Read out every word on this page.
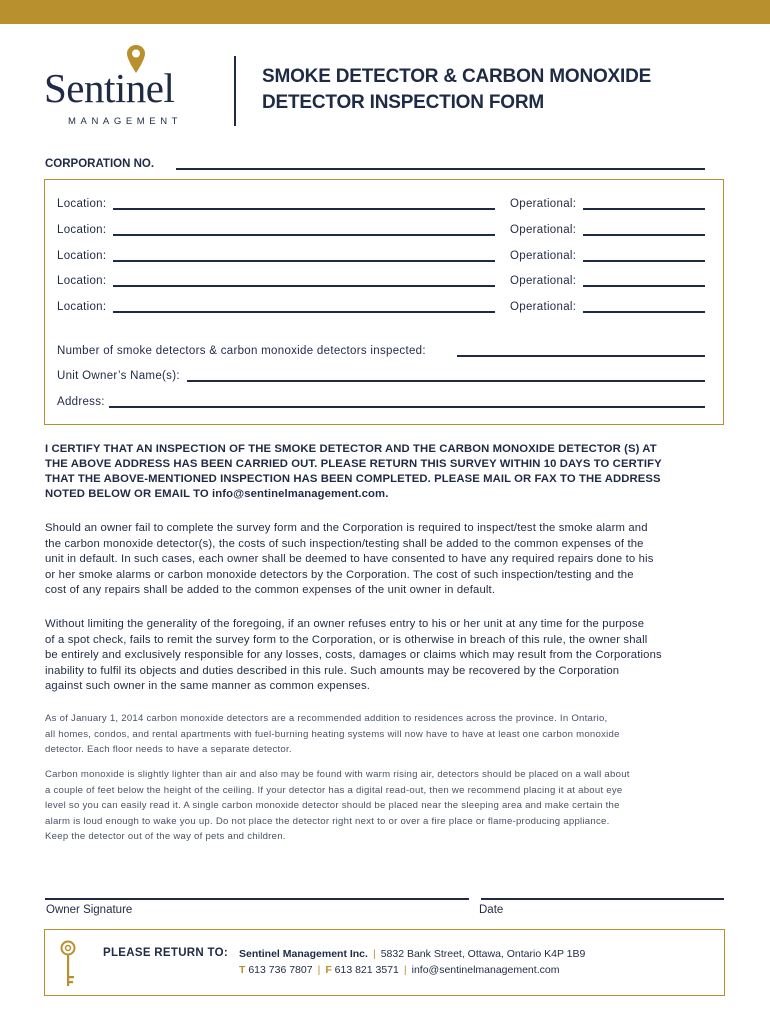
Sentinel
MANAGEMENT
SMOKE DETECTOR & CARBON MONOXIDE
DETECTOR INSPECTION FORM
CORPORATION NO.
Location:	Operational:
Location:	Operational:
Location:	Operational:
Location:	Operational:
Location:	Operational:
Number of smoke detectors & carbon monoxide detectors inspected:
Unit Owner’s Name(s):
Address:
I CERTIFY THAT AN INSPECTION OF THE SMOKE DETECTOR AND THE CARBON MONOXIDE DETECTOR (S) AT
THE ABOVE ADDRESS HAS BEEN CARRIED OUT. PLEASE RETURN THIS SURVEY WITHIN 10 DAYS TO CERTIFY
THAT THE ABOVE-MENTIONED INSPECTION HAS BEEN COMPLETED. PLEASE MAIL OR FAX TO THE ADDRESS
NOTED BELOW OR EMAIL TO info@sentinelmanagement.com.
Should an owner fail to complete the survey form and the Corporation is required to inspect/test the smoke alarm and
the carbon monoxide detector(s), the costs of such inspection/testing shall be added to the common expenses of the
unit in default. In such cases, each owner shall be deemed to have consented to have any required repairs done to his
or her smoke alarms or carbon monoxide detectors by the Corporation. The cost of such inspection/testing and the
cost of any repairs shall be added to the common expenses of the unit owner in default.
Without limiting the generality of the foregoing, if an owner refuses entry to his or her unit at any time for the purpose
of a spot check, fails to remit the survey form to the Corporation, or is otherwise in breach of this rule, the owner shall
be entirely and exclusively responsible for any losses, costs, damages or claims which may result from the Corporations
inability to fulfil its objects and duties described in this rule. Such amounts may be recovered by the Corporation
against such owner in the same manner as common expenses.
As of January 1, 2014 carbon monoxide detectors are a recommended addition to residences across the province. In Ontario,
all homes, condos, and rental apartments with fuel-burning heating systems will now have to have at least one carbon monoxide
detector. Each floor needs to have a separate detector.
Carbon monoxide is slightly lighter than air and also may be found with warm rising air, detectors should be placed on a wall about
a couple of feet below the height of the ceiling. If your detector has a digital read-out, then we recommend placing it at about eye
level so you can easily read it. A single carbon monoxide detector should be placed near the sleeping area and make certain the
alarm is loud enough to wake you up. Do not place the detector right next to or over a fire place or flame-producing appliance.
Keep the detector out of the way of pets and children.
Owner Signature	Date
PLEASE RETURN TO: Sentinel Management Inc. | 5832 Bank Street, Ottawa, Ontario K4P 1B9
T 613 736 7807 | F 613 821 3571 | info@sentinelmanagement.com
